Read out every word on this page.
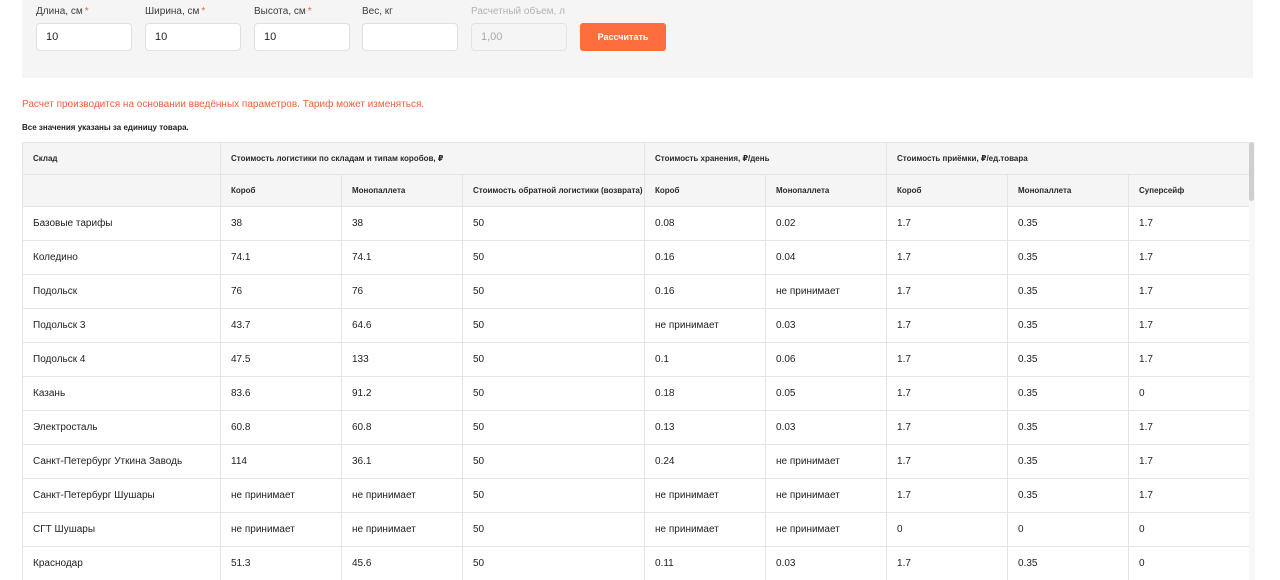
Длина, см *
10	Ширина, см *
10	Высота, см *
10	Вес, кг	Расчетный объем, л
1,00
Рассчитать
Расчет производится на основании введённых параметров. Тариф может изменяться.
Все значения указаны за единицу товара.
Склад	Стоимость логистики по складам и типам коробов, ₽			Стоимость хранения, ₽/день		Стоимость приёмки, ₽/ед.товара		
	Короб	Монопаллета	Стоимость обратной логистики (возврата)	Короб	Монопаллета	Короб	Монопаллета	Суперсейф
Базовые тарифы	38	38	50	0.08	0.02	1.7	0.35	1.7
Коледино	74.1	74.1	50	0.16	0.04	1.7	0.35	1.7
Подольск	76	76	50	0.16	не принимает	1.7	0.35	1.7
Подольск 3	43.7	64.6	50	не принимает	0.03	1.7	0.35	1.7
Подольск 4	47.5	133	50	0.1	0.06	1.7	0.35	1.7
Казань	83.6	91.2	50	0.18	0.05	1.7	0.35	0
Электросталь	60.8	60.8	50	0.13	0.03	1.7	0.35	1.7
Санкт-Петербург Уткина Заводь	114	36.1	50	0.24	не принимает	1.7	0.35	1.7
Санкт-Петербург Шушары	не принимает	не принимает	50	не принимает	не принимает	1.7	0.35	1.7
СГТ Шушары	не принимает	не принимает	50	не принимает	не принимает	0	0	0
Краснодар	51.3	45.6	50	0.11	0.03	1.7	0.35	0
